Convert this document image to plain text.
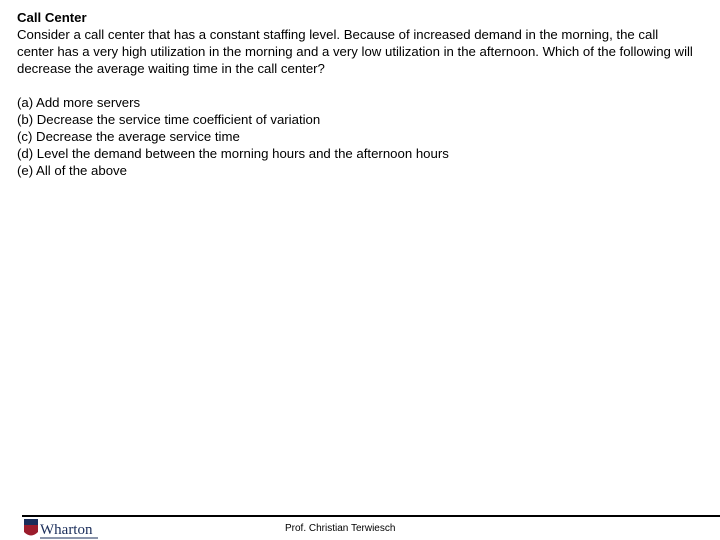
Call Center

Consider a call center that has a constant staffing level. Because of increased demand in the morning, the call center has a very high utilization in the morning and a very low utilization in the afternoon. Which of the following will decrease the average waiting time in the call center?

(a) Add more servers
(b) Decrease the service time coefficient of variation
(c) Decrease the average service time
(d) Level the demand between the morning hours and the afternoon hours
(e) All of the above
Wharton	Prof. Christian Terwiesch
